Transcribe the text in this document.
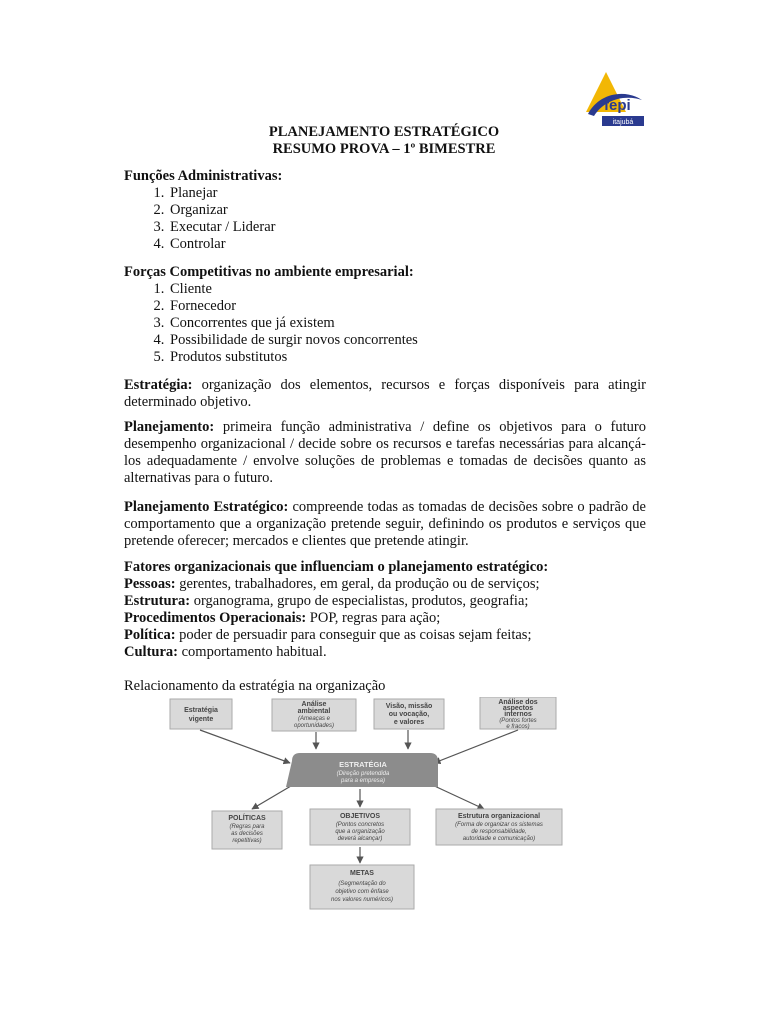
fepi
itajubá
PLANEJAMENTO ESTRATÉGICO
RESUMO PROVA – 1º BIMESTRE
Funções Administrativas:
1. Planejar
2. Organizar
3. Executar / Liderar
4. Controlar
Forças Competitivas no ambiente empresarial:
1. Cliente
2. Fornecedor
3. Concorrentes que já existem
4. Possibilidade de surgir novos concorrentes
5. Produtos substitutos
Estratégia: organização dos elementos, recursos e forças disponíveis para atingir determinado objetivo.
Planejamento: primeira função administrativa / define os objetivos para o futuro desempenho organizacional / decide sobre os recursos e tarefas necessárias para alcançá-los adequadamente / envolve soluções de problemas e tomadas de decisões quanto as alternativas para o futuro.
Planejamento Estratégico: compreende todas as tomadas de decisões sobre o padrão de comportamento que a organização pretende seguir, definindo os produtos e serviços que pretende oferecer; mercados e clientes que pretende atingir.
Fatores organizacionais que influenciam o planejamento estratégico:
Pessoas: gerentes, trabalhadores, em geral, da produção ou de serviços;
Estrutura: organograma, grupo de especialistas, produtos, geografia;
Procedimentos Operacionais: POP, regras para ação;
Política: poder de persuadir para conseguir que as coisas sejam feitas;
Cultura: comportamento habitual.
Relacionamento da estratégia na organização
Estratégia
vigente
Análise
ambiental
(Ameaças e
oportunidades)
Visão, missão
ou vocação,
e valores
Análise dos
aspectos
internos
(Pontos fortes
e fracos)
ESTRATÉGIA
(Direção pretendida
para a empresa)
POLÍTICAS
(Regras para
as decisões
repetitivas)
OBJETIVOS
(Pontos concretos
que a organização
deverá alcançar)
Estrutura organizacional
(Forma de organizar os sistemas
de responsabilidade,
autoridade e comunicação)
METAS
(Segmentação do
objetivo com ênfase
nos valores numéricos)
